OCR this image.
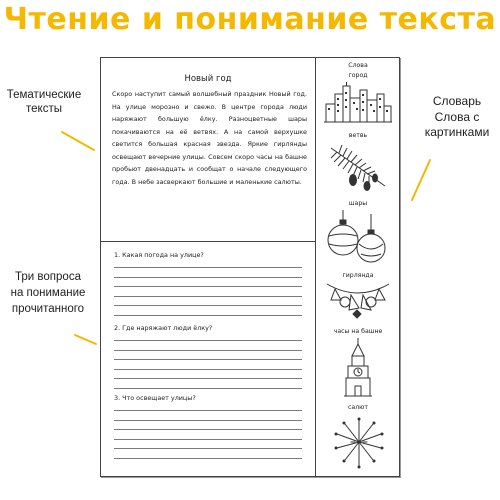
Чтение и понимание текста
Тематические
тексты
Три вопроса
на понимание
прочитанного
Словарь
Слова с
картинками
Новый год
Скоро наступит самый волшебный праздник Новый год. На улице морозно и свежо. В центре города люди наряжают большую ёлку. Разноцветные шары покачиваются на её ветвях. А на самой верхушке светится большая красная звезда. Яркие гирлянды освещают вечерние улицы. Совсем скоро часы на башне пробьют двенадцать и сообщат о начале следующего года. В небе засверкают большие и маленькие салюты.
1. Какая погода на улице?
2. Где наряжают люди ёлку?
3. Что освещает улицы?
Слова
город
ветвь
шары
гирлянда
часы на башне
салют
